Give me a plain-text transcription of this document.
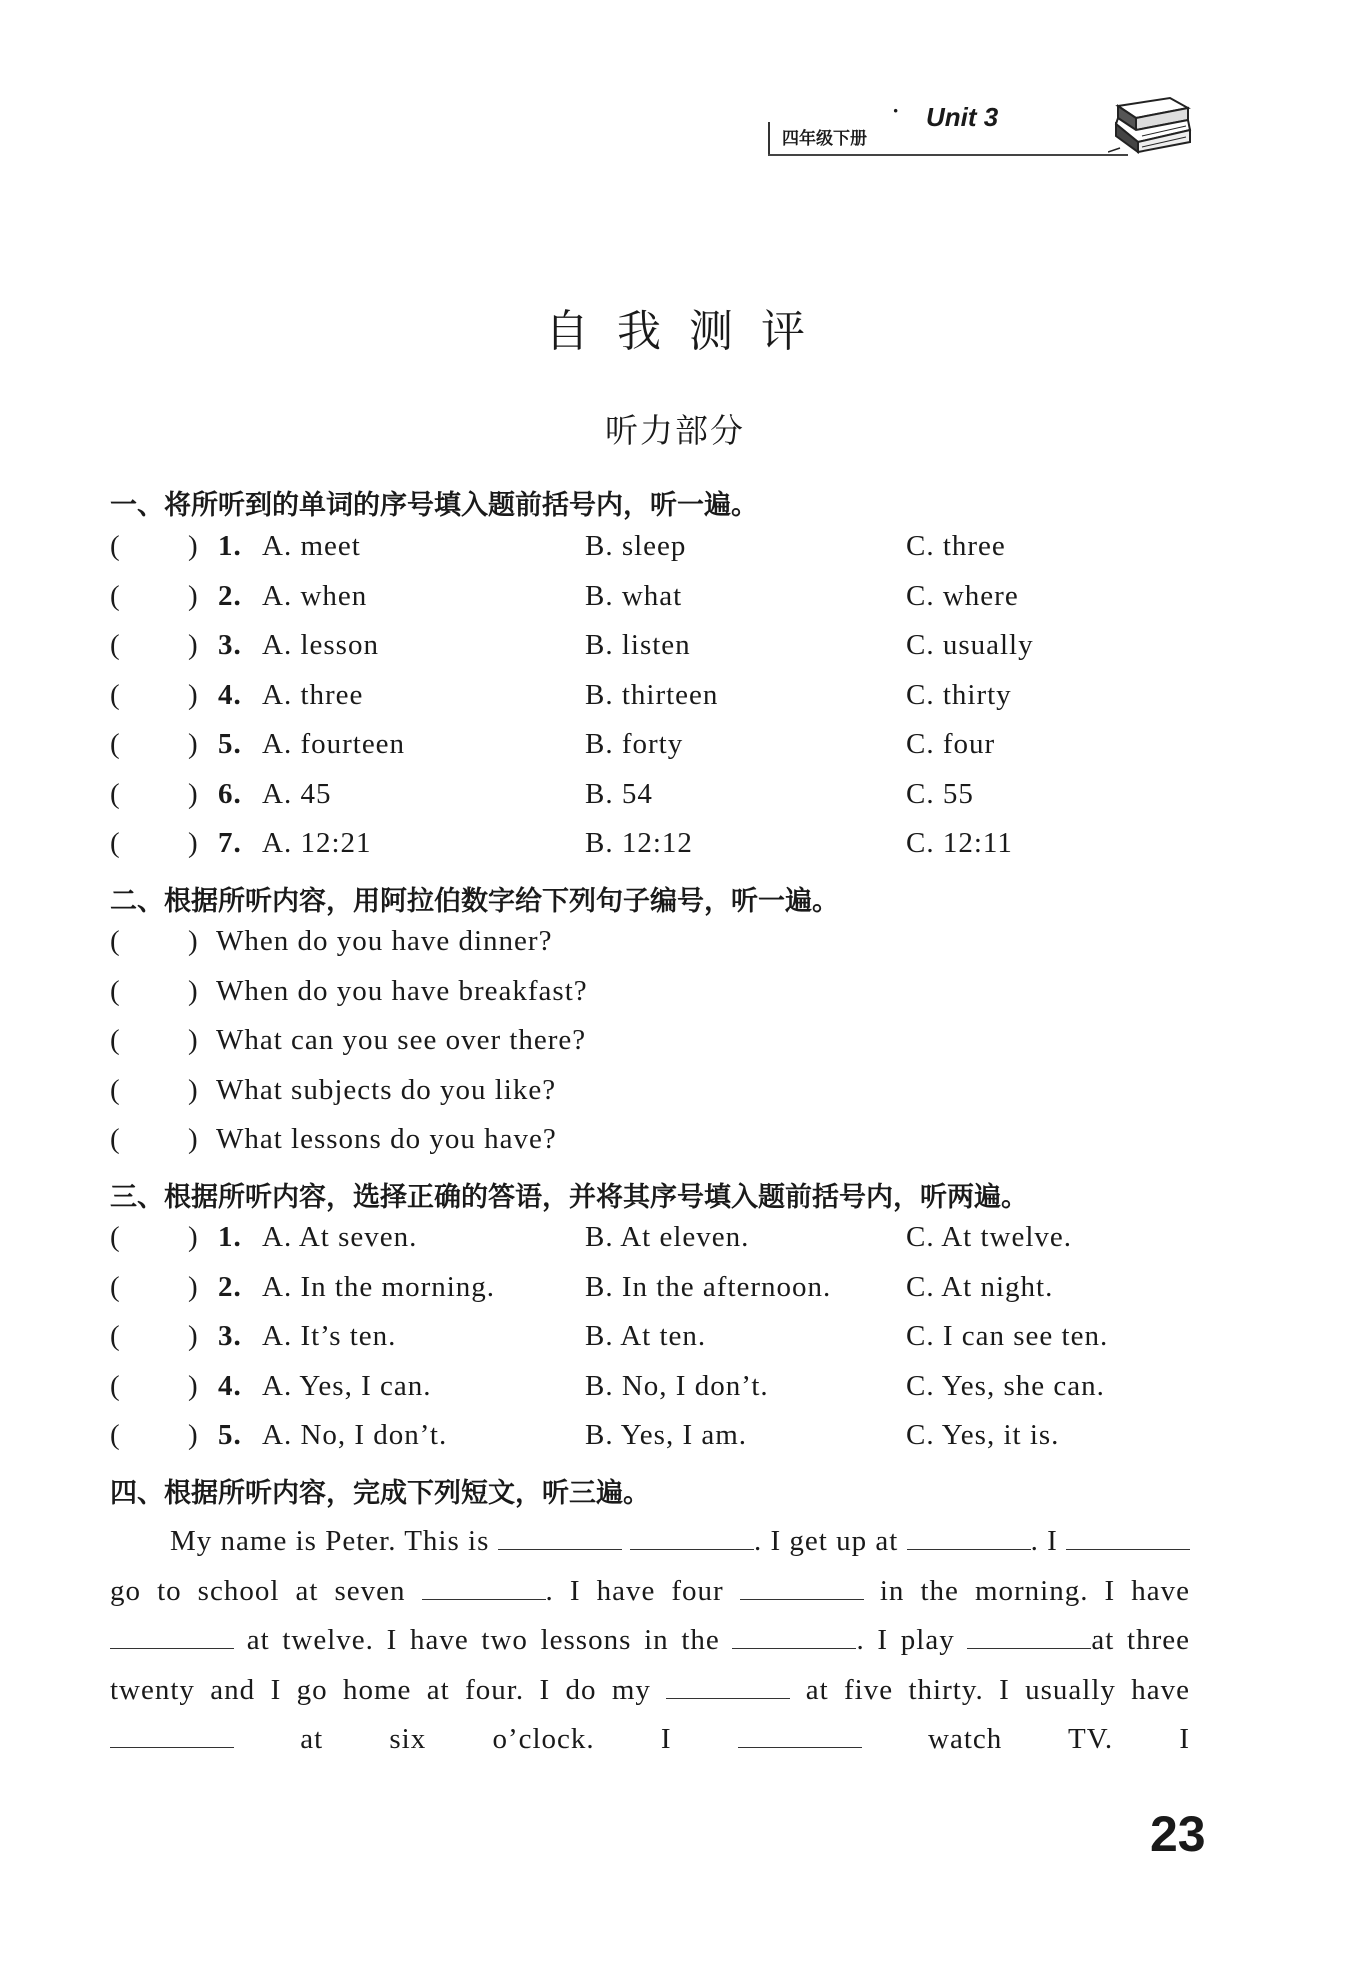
· Unit 3
四年级下册
自我测评
听力部分
一、将所听到的单词的序号填入题前括号内，听一遍。
( ) 1. A. meet	B. sleep	C. three
( ) 2. A. when	B. what	C. where
( ) 3. A. lesson	B. listen	C. usually
( ) 4. A. three	B. thirteen	C. thirty
( ) 5. A. fourteen	B. forty	C. four
( ) 6. A. 45	B. 54	C. 55
( ) 7. A. 12:21	B. 12:12	C. 12:11
二、根据所听内容，用阿拉伯数字给下列句子编号，听一遍。
( ) When do you have dinner?
( ) When do you have breakfast?
( ) What can you see over there?
( ) What subjects do you like?
( ) What lessons do you have?
三、根据所听内容，选择正确的答语，并将其序号填入题前括号内，听两遍。
( ) 1. A. At seven.	B. At eleven.	C. At twelve.
( ) 2. A. In the morning.	B. In the afternoon.	C. At night.
( ) 3. A. It’s ten.	B. At ten.	C. I can see ten.
( ) 4. A. Yes, I can.	B. No, I don’t.	C. Yes, she can.
( ) 5. A. No, I don’t.	B. Yes, I am.	C. Yes, it is.
四、根据所听内容，完成下列短文，听三遍。
My name is Peter. This is	. I get up at	. I  go to school at seven	. I have four	in the morning. I have  at twelve. I have two lessons in the	. I play	at three twenty and I go home at four. I do my	at five thirty. I usually have  at six o’clock. I	watch TV. I
23
